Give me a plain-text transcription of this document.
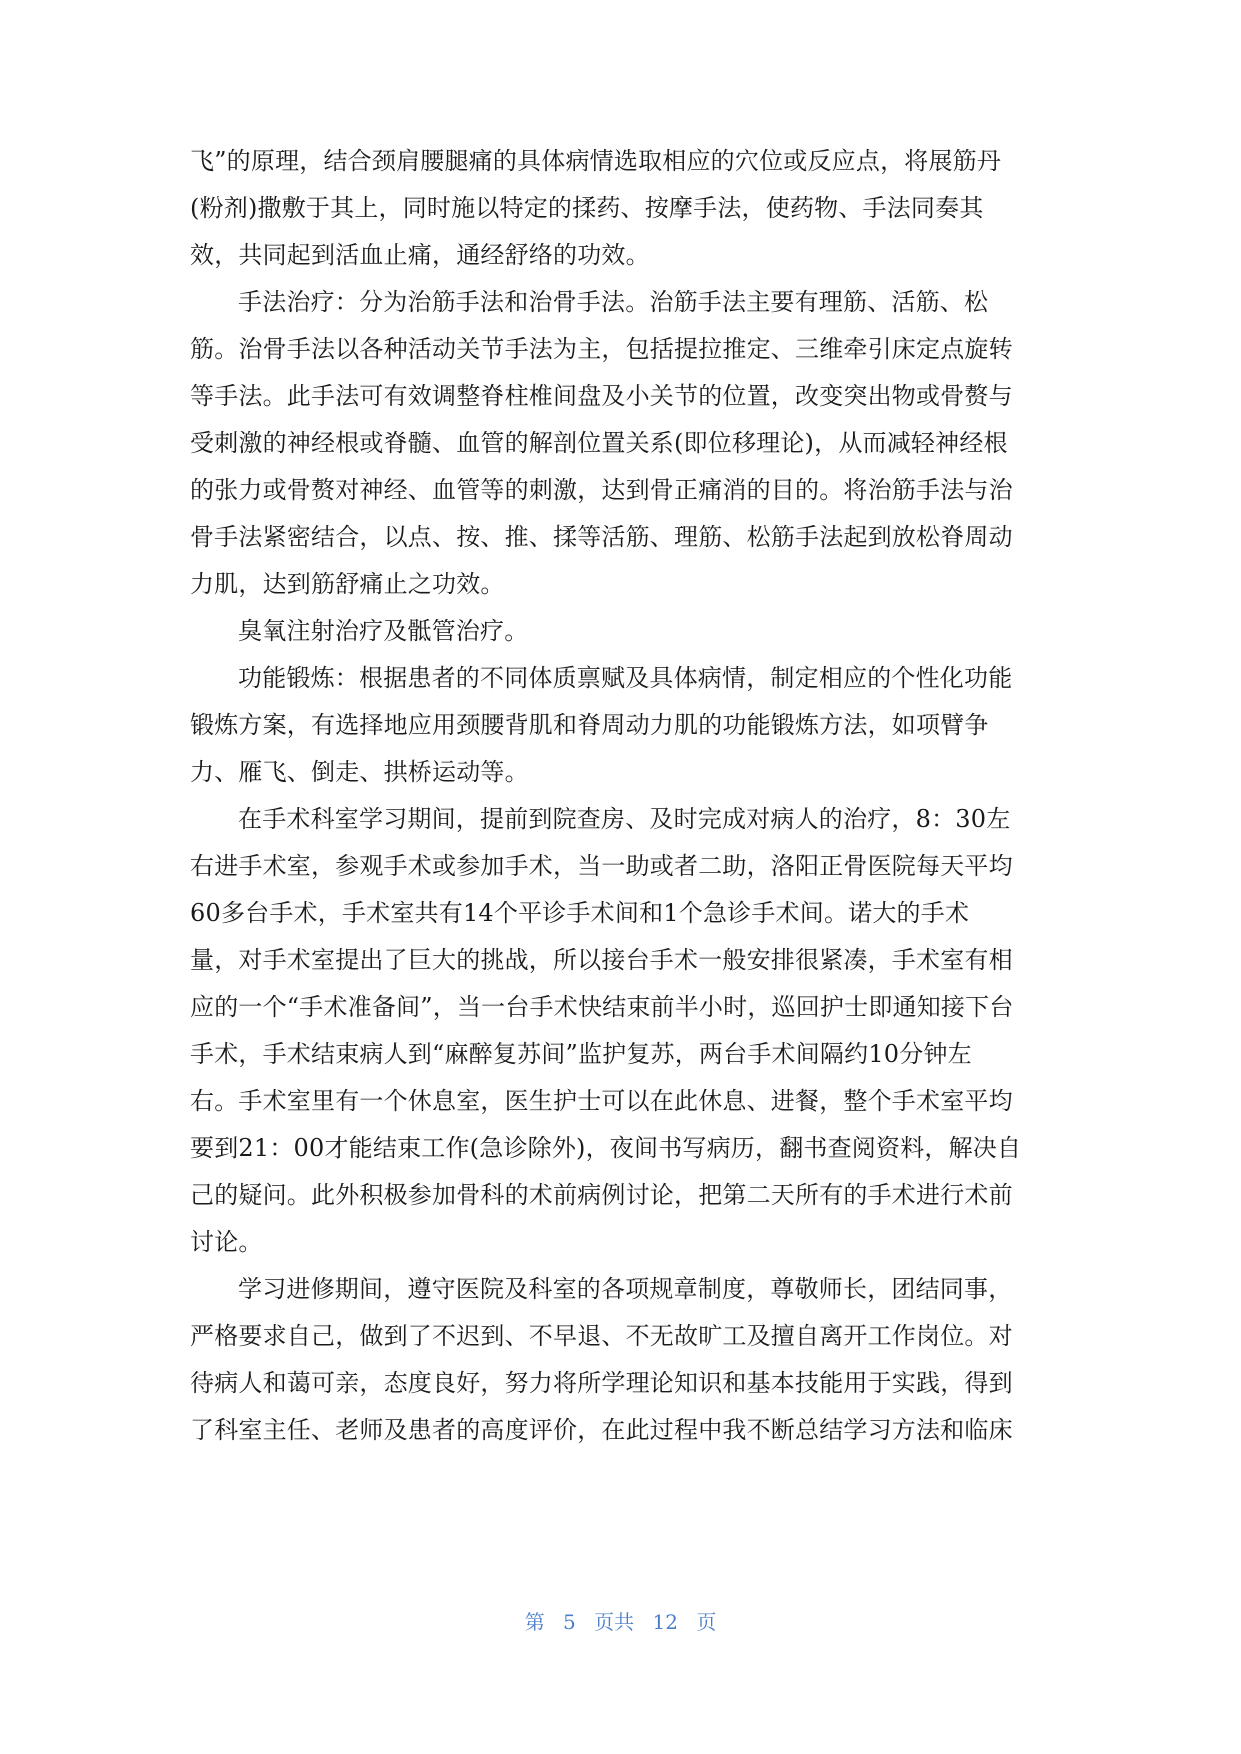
飞”的原理，结合颈肩腰腿痛的具体病情选取相应的穴位或反应点，将展筋丹
(粉剂)撒敷于其上，同时施以特定的揉药、按摩手法，使药物、手法同奏其
效，共同起到活血止痛，通经舒络的功效。
手法治疗：分为治筋手法和治骨手法。治筋手法主要有理筋、活筋、松
筋。治骨手法以各种活动关节手法为主，包括提拉推定、三维牵引床定点旋转
等手法。此手法可有效调整脊柱椎间盘及小关节的位置，改变突出物或骨赘与
受刺激的神经根或脊髓、血管的解剖位置关系(即位移理论)，从而减轻神经根
的张力或骨赘对神经、血管等的刺激，达到骨正痛消的目的。将治筋手法与治
骨手法紧密结合，以点、按、推、揉等活筋、理筋、松筋手法起到放松脊周动
力肌，达到筋舒痛止之功效。
臭氧注射治疗及骶管治疗。
功能锻炼：根据患者的不同体质禀赋及具体病情，制定相应的个性化功能
锻炼方案，有选择地应用颈腰背肌和脊周动力肌的功能锻炼方法，如项臂争
力、雁飞、倒走、拱桥运动等。
在手术科室学习期间，提前到院查房、及时完成对病人的治疗，8：30左
右进手术室，参观手术或参加手术，当一助或者二助，洛阳正骨医院每天平均
60多台手术，手术室共有14个平诊手术间和1个急诊手术间。诺大的手术
量，对手术室提出了巨大的挑战，所以接台手术一般安排很紧凑，手术室有相
应的一个“手术准备间”，当一台手术快结束前半小时，巡回护士即通知接下台
手术，手术结束病人到“麻醉复苏间”监护复苏，两台手术间隔约10分钟左
右。手术室里有一个休息室，医生护士可以在此休息、进餐，整个手术室平均
要到21：00才能结束工作(急诊除外)，夜间书写病历，翻书查阅资料，解决自
己的疑问。此外积极参加骨科的术前病例讨论，把第二天所有的手术进行术前
讨论。
学习进修期间，遵守医院及科室的各项规章制度，尊敬师长，团结同事，
严格要求自己，做到了不迟到、不早退、不无故旷工及擅自离开工作岗位。对
待病人和蔼可亲，态度良好，努力将所学理论知识和基本技能用于实践，得到
了科室主任、老师及患者的高度评价，在此过程中我不断总结学习方法和临床
第 5 页共 12 页
